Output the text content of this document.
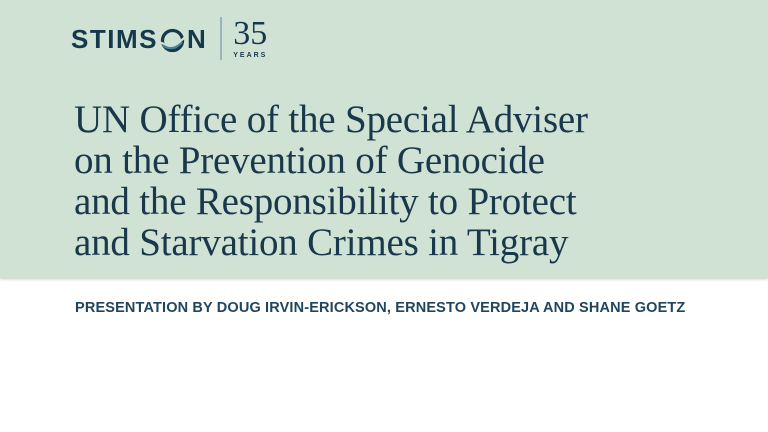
STIMS N 35
YEARS
UN Office of the Special Adviser
on the Prevention of Genocide
and the Responsibility to Protect
and Starvation Crimes in Tigray
PRESENTATION BY DOUG IRVIN-ERICKSON, ERNESTO VERDEJA AND SHANE GOETZ
